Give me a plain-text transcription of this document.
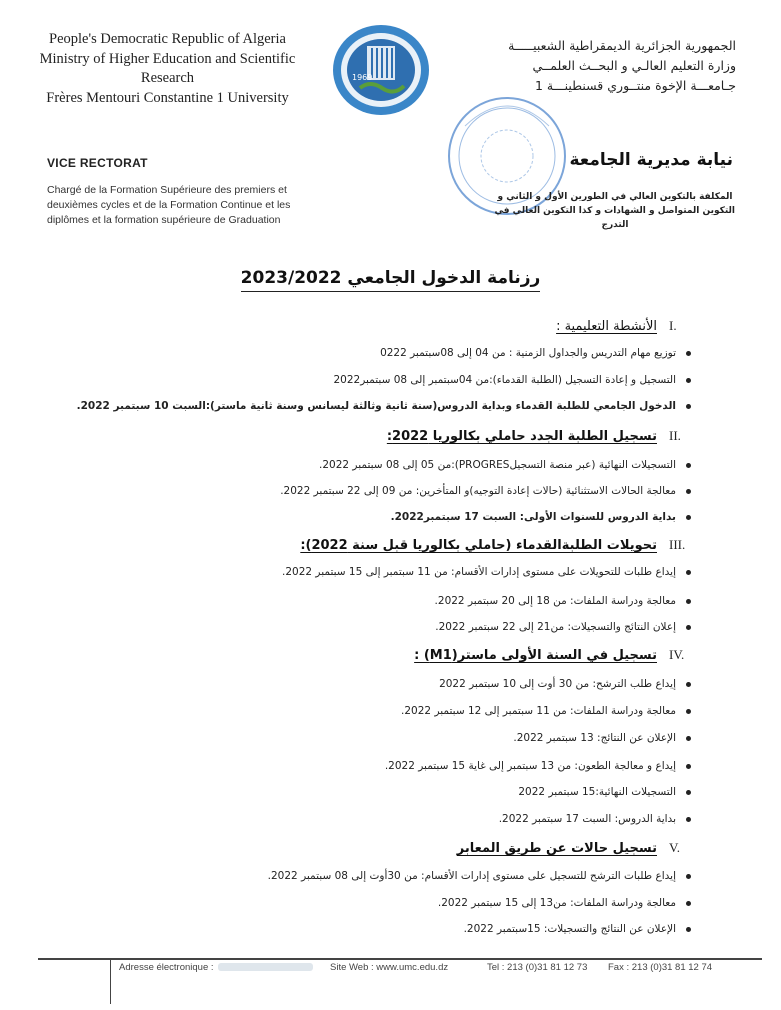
People's Democratic Republic of Algeria
Ministry of Higher Education and Scientific
Research
Frères Mentouri Constantine 1 University
1969
الجمهورية الجزائرية الديمقراطية الشعبيـــــة
وزارة التعليم العالـي و البحــث العلمــي
جـامعـــة الإخوة منتــوري قسنطينـــة 1
VICE RECTORAT
Chargé de la Formation Supérieure des premiers et
deuxièmes cycles et de la Formation Continue et les
diplômes et la formation supérieure de Graduation
نيابة مديرية الجامعة
المكلفة بالتكوين العالي في الطورين الأول و الثاني و
التكوين المتواصل و الشهادات و كذا التكوين العالي في
التدرج
رزنامة الدخول الجامعي 2023/2022
I.
الأنشطة التعليمية :
توزيع مهام التدريس والجداول الزمنية : من 04 إلى 08سبتمبر 0222
التسجيل و إعادة التسجيل (الطلبة القدماء):من 04سبتمبر إلى 08 سبتمبر2022
الدخول الجامعي للطلبة القدماء وبداية الدروس(سنة ثانية وثالثة ليسانس وسنة ثانية ماستر):السبت 10 سبتمبر 2022.
II.
تسجيل الطلبة الجدد حاملي بكالوريا 2022:
التسجيلات النهائية (عبر منصة التسجيلPROGRES):من 05 إلى 08 سبتمبر 2022.
معالجة الحالات الاستثنائية (حالات إعادة التوجيه)و المتأخرين: من 09 إلى 22 سبتمبر 2022.
بداية الدروس للسنوات الأولى: السبت 17 سبتمبر2022.
III.
تحويلات الطلبةالقدماء (حاملي بكالوريا قبل سنة 2022):
إيداع طلبات للتحويلات على مستوى إدارات الأقسام: من 11 سبتمبر إلى 15 سبتمبر 2022.
معالجة ودراسة الملفات: من 18 إلى 20 سبتمبر 2022.
إعلان النتائج والتسجيلات: من21 إلى 22 سبتمبر 2022.
IV.
تسجيل في السنة الأولى ماستر(M1) :
إيداع طلب الترشح: من 30 أوت إلى 10 سبتمبر 2022
معالجة ودراسة الملفات: من 11 سبتمبر إلى 12 سبتمبر 2022.
الإعلان عن النتائج: 13 سبتمبر 2022.
إيداع و معالجة الطعون: من 13 سبتمبر إلى غاية 15 سبتمبر 2022.
التسجيلات النهائية:15 سبتمبر 2022
بداية الدروس: السبت 17 سبتمبر 2022.
V.
تسجيل حالات عن طريق المعابر
إيداع طلبات الترشح للتسجيل على مستوى إدارات الأقسام: من 30أوت إلى 08 سبتمبر 2022.
معالجة ودراسة الملفات: من13 إلى 15 سبتمبر 2022.
الإعلان عن النتائج والتسجيلات: 15سبتمبر 2022.
Adresse électronique :	Site Web : www.umc.edu.dz	Tel : 213 (0)31 81 12 73 Fax : 213 (0)31 81 12 74
